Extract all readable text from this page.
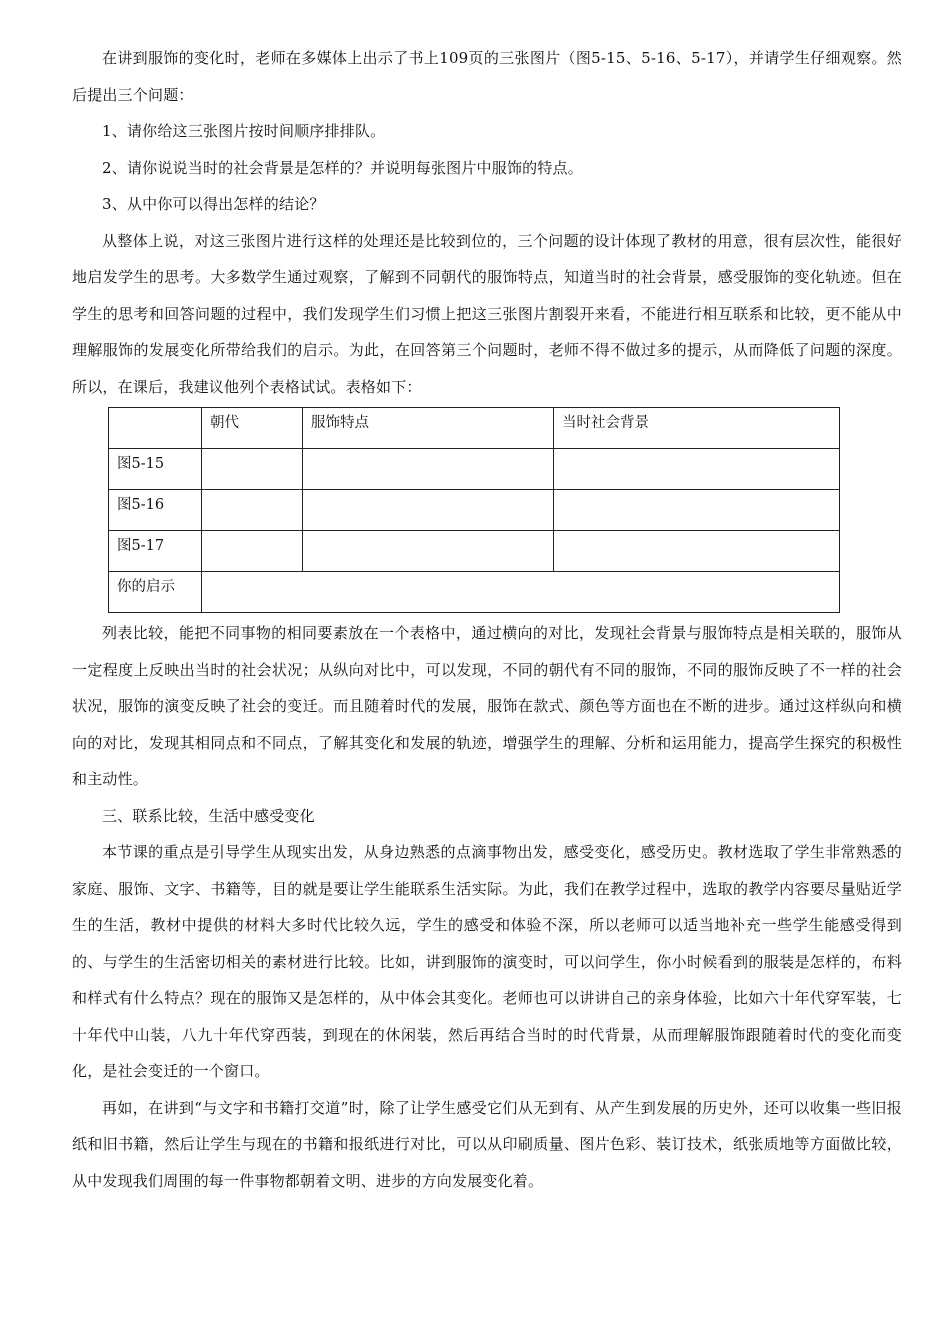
在讲到服饰的变化时，老师在多媒体上出示了书上109页的三张图片（图5-15、5-16、5-17），并请学生仔细观察。然后提出三个问题：

1、请你给这三张图片按时间顺序排排队。

2、请你说说当时的社会背景是怎样的？并说明每张图片中服饰的特点。

3、从中你可以得出怎样的结论？

从整体上说，对这三张图片进行这样的处理还是比较到位的，三个问题的设计体现了教材的用意，很有层次性，能很好地启发学生的思考。大多数学生通过观察，了解到不同朝代的服饰特点，知道当时的社会背景，感受服饰的变化轨迹。但在学生的思考和回答问题的过程中，我们发现学生们习惯上把这三张图片割裂开来看，不能进行相互联系和比较，更不能从中理解服饰的发展变化所带给我们的启示。为此，在回答第三个问题时，老师不得不做过多的提示，从而降低了问题的深度。所以，在课后，我建议他列个表格试试。表格如下：

	朝代	服饰特点	当时社会背景
图5-15			
图5-16			
图5-17			
你的启示			

列表比较，能把不同事物的相同要素放在一个表格中，通过横向的对比，发现社会背景与服饰特点是相关联的，服饰从一定程度上反映出当时的社会状况；从纵向对比中，可以发现，不同的朝代有不同的服饰，不同的服饰反映了不一样的社会状况，服饰的演变反映了社会的变迁。而且随着时代的发展，服饰在款式、颜色等方面也在不断的进步。通过这样纵向和横向的对比，发现其相同点和不同点，了解其变化和发展的轨迹，增强学生的理解、分析和运用能力，提高学生探究的积极性和主动性。

三、联系比较，生活中感受变化

本节课的重点是引导学生从现实出发，从身边熟悉的点滴事物出发，感受变化，感受历史。教材选取了学生非常熟悉的家庭、服饰、文字、书籍等，目的就是要让学生能联系生活实际。为此，我们在教学过程中，选取的教学内容要尽量贴近学生的生活，教材中提供的材料大多时代比较久远，学生的感受和体验不深，所以老师可以适当地补充一些学生能感受得到的、与学生的生活密切相关的素材进行比较。比如，讲到服饰的演变时，可以问学生，你小时候看到的服装是怎样的，布料和样式有什么特点？现在的服饰又是怎样的，从中体会其变化。老师也可以讲讲自己的亲身体验，比如六十年代穿军装，七十年代中山装，八九十年代穿西装，到现在的休闲装，然后再结合当时的时代背景，从而理解服饰跟随着时代的变化而变化，是社会变迁的一个窗口。

再如，在讲到“与文字和书籍打交道”时，除了让学生感受它们从无到有、从产生到发展的历史外，还可以收集一些旧报纸和旧书籍，然后让学生与现在的书籍和报纸进行对比，可以从印刷质量、图片色彩、装订技术，纸张质地等方面做比较，从中发现我们周围的每一件事物都朝着文明、进步的方向发展变化着。
